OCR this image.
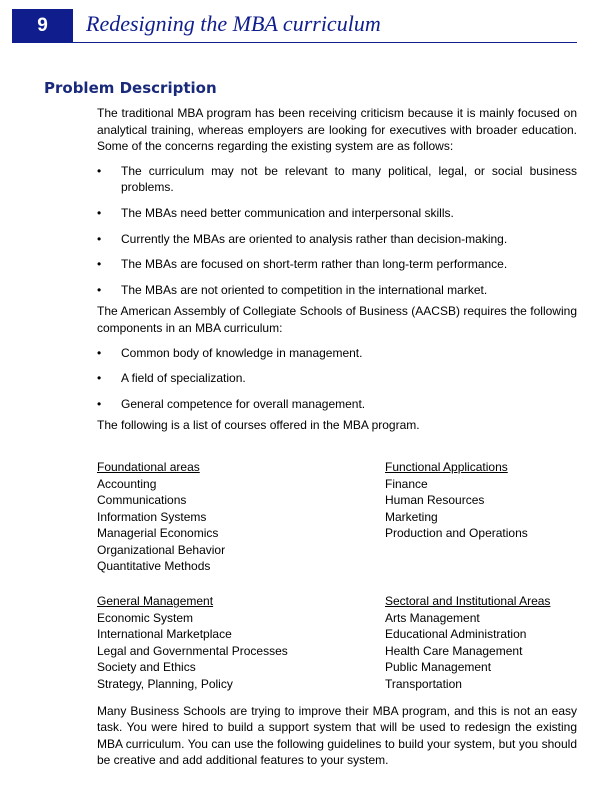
9	Redesigning the MBA curriculum
Problem Description

The traditional MBA program has been receiving criticism because it is mainly focused on analytical training, whereas employers are looking for executives with broader education. Some of the concerns regarding the existing system are as follows:

• The curriculum may not be relevant to many political, legal, or social business problems.
• The MBAs need better communication and interpersonal skills.
• Currently the MBAs are oriented to analysis rather than decision-making.
• The MBAs are focused on short-term rather than long-term performance.
• The MBAs are not oriented to competition in the international market.

The American Assembly of Collegiate Schools of Business (AACSB) requires the following components in an MBA curriculum:

• Common body of knowledge in management.
• A field of specialization.
• General competence for overall management.

The following is a list of courses offered in the MBA program.

Foundational areas
Accounting
Communications
Information Systems
Managerial Economics
Organizational Behavior
Quantitative Methods
Functional Applications
Finance
Human Resources
Marketing
Production and Operations
General Management
Economic System
International Marketplace
Legal and Governmental Processes
Society and Ethics
Strategy, Planning, Policy
Sectoral and Institutional Areas
Arts Management
Educational Administration
Health Care Management
Public Management
Transportation

Many Business Schools are trying to improve their MBA program, and this is not an easy task. You were hired to build a support system that will be used to redesign the existing MBA curriculum. You can use the following guidelines to build your system, but you should be creative and add additional features to your system.
